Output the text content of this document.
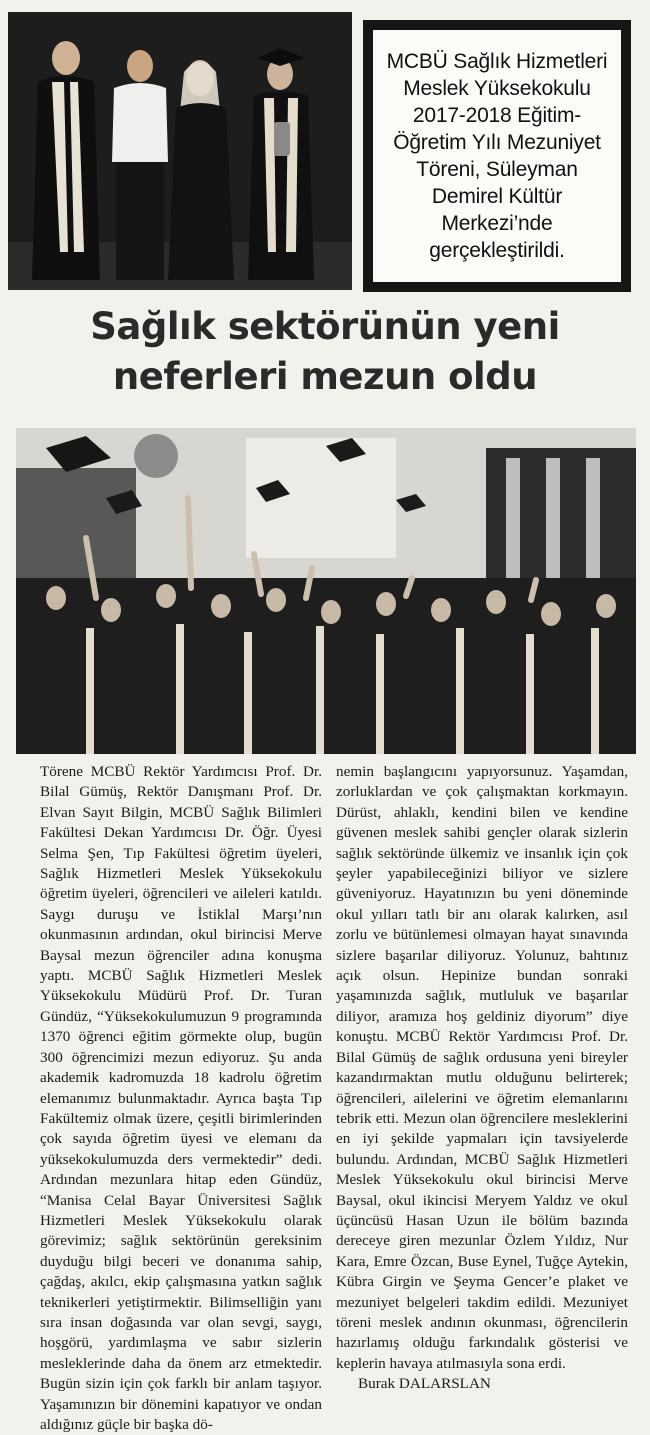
MCBÜ Sağlık Hizmetleri Meslek Yüksekokulu 2017-2018 Eğitim-Öğretim Yılı Mezuniyet Töreni, Süleyman Demirel Kültür Merkezi’nde gerçekleştirildi.
Sağlık sektörünün yeni
neferleri mezun oldu

Törene MCBÜ Rektör Yardımcısı Prof. Dr. Bilal Gümüş, Rektör Danışmanı Prof. Dr. Elvan Sayıt Bilgin, MCBÜ Sağlık Bilimleri Fakültesi Dekan Yardımcısı Dr. Öğr. Üyesi Selma Şen, Tıp Fakültesi öğretim üyeleri, Sağlık Hizmetleri Meslek Yüksekokulu öğretim üyeleri, öğrencileri ve aileleri katıldı. Saygı duruşu ve İstiklal Marşı’nın okunmasının ardından, okul birincisi Merve Baysal mezun öğrenciler adına konuşma yaptı. MCBÜ Sağlık Hizmetleri Meslek Yüksekokulu Müdürü Prof. Dr. Turan Gündüz, “Yüksekokulumuzun 9 programında 1370 öğrenci eğitim görmekte olup, bugün 300 öğrencimizi mezun ediyoruz. Şu anda akademik kadromuzda 18 kadrolu öğretim elemanımız bulunmaktadır. Ayrıca başta Tıp Fakültemiz olmak üzere, çeşitli birimlerinden çok sayıda öğretim üyesi ve elemanı da yüksekokulumuzda ders vermektedir” dedi. Ardından mezunlara hitap eden Gündüz, “Manisa Celal Bayar Üniversitesi Sağlık Hizmetleri Meslek Yüksekokulu olarak görevimiz; sağlık sektörünün gereksinim duyduğu bilgi beceri ve donanıma sahip, çağdaş, akılcı, ekip çalışmasına yatkın sağlık teknikerleri yetiştirmektir. Bilimselliğin yanı sıra insan doğasında var olan sevgi, saygı, hoşgörü, yardımlaşma ve sabır sizlerin mesleklerinde daha da önem arz etmektedir. Bugün sizin için çok farklı bir anlam taşıyor. Yaşamınızın bir dönemini kapatıyor ve ondan aldığınız güçle bir başka dö-

nemin başlangıcını yapıyorsunuz. Yaşamdan, zorluklardan ve çok çalışmaktan korkmayın. Dürüst, ahlaklı, kendini bilen ve kendine güvenen meslek sahibi gençler olarak sizlerin sağlık sektöründe ülkemiz ve insanlık için çok şeyler yapabileceğinizi biliyor ve sizlere güveniyoruz. Hayatınızın bu yeni döneminde okul yılları tatlı bir anı olarak kalırken, asıl zorlu ve bütünlemesi olmayan hayat sınavında sizlere başarılar diliyoruz. Yolunuz, bahtınız açık olsun. Hepinize bundan sonraki yaşamınızda sağlık, mutluluk ve başarılar diliyor, aramıza hoş geldiniz diyorum” diye konuştu. MCBÜ Rektör Yardımcısı Prof. Dr. Bilal Gümüş de sağlık ordusuna yeni bireyler kazandırmaktan mutlu olduğunu belirterek; öğrencileri, ailelerini ve öğretim elemanlarını tebrik etti. Mezun olan öğrencilere mesleklerini en iyi şekilde yapmaları için tavsiyelerde bulundu. Ardından, MCBÜ Sağlık Hizmetleri Meslek Yüksekokulu okul birincisi Merve Baysal, okul ikincisi Meryem Yaldız ve okul üçüncüsü Hasan Uzun ile bölüm bazında dereceye giren mezunlar Özlem Yıldız, Nur Kara, Emre Özcan, Buse Eynel, Tuğçe Aytekin, Kübra Girgin ve Şeyma Gencer’e plaket ve mezuniyet belgeleri takdim edildi. Mezuniyet töreni meslek andının okunması, öğrencilerin hazırlamış olduğu farkındalık gösterisi ve keplerin havaya atılmasıyla sona erdi.

Burak DALARSLAN
